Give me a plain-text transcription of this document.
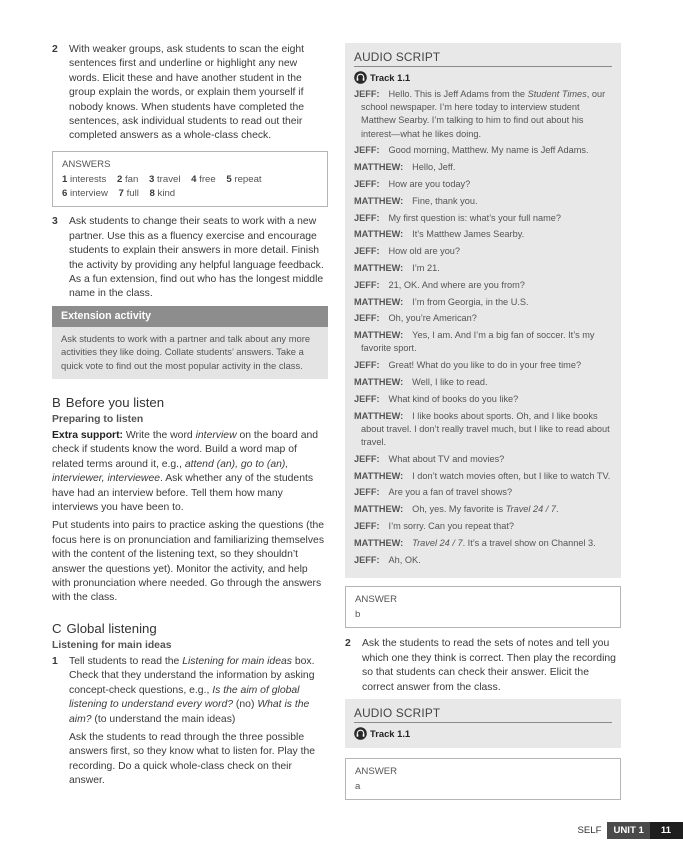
2 With weaker groups, ask students to scan the eight sentences first and underline or highlight any new words. Elicit these and have another student in the group explain the words, or explain them yourself if nobody knows. When students have completed the sentences, ask individual students to read out their completed answers as a whole-class check.

ANSWERS
1 interests 2 fan 3 travel 4 free 5 repeat
6 interview 7 full 8 kind
3 Ask students to change their seats to work with a new partner. Use this as a fluency exercise and encourage students to explain their answers in more detail. Finish the activity by providing any helpful language feedback. As a fun extension, find out who has the longest middle name in the class.

Extension activity
Ask students to work with a partner and talk about any more activities they like doing. Collate students’ answers. Take a quick vote to find out the most popular activity in the class.
B Before you listen
Preparing to listen

Extra support: Write the word interview on the board and check if students know the word. Build a word map of related terms around it, e.g., attend (an), go to (an), interviewer, interviewee. Ask whether any of the students have had an interview before. Tell them how many interviews you have been to.

Put students into pairs to practice asking the questions (the focus here is on pronunciation and familiarizing themselves with the content of the listening text, so they shouldn’t answer the questions yet). Monitor the activity, and help with pronunciation where needed. Go through the answers with the class.

C Global listening
Listening for main ideas
1 Tell students to read the Listening for main ideas box. Check that they understand the information by asking concept-check questions, e.g., Is the aim of global listening to understand every word? (no) What is the aim? (to understand the main ideas)

Ask the students to read through the three possible answers first, so they know what to listen for. Play the recording. Do a quick whole-class check on their answer.

AUDIO SCRIPT
Track 1.1
JEFF: Hello. This is Jeff Adams from the Student Times, our school newspaper. I’m here today to interview student Matthew Searby. I’m talking to him to find out about his interest—what he likes doing.
JEFF: Good morning, Matthew. My name is Jeff Adams.
MATTHEW: Hello, Jeff.
JEFF: How are you today?
MATTHEW: Fine, thank you.
JEFF: My first question is: what’s your full name?
MATTHEW: It’s Matthew James Searby.
JEFF: How old are you?
MATTHEW: I’m 21.
JEFF: 21, OK. And where are you from?
MATTHEW: I’m from Georgia, in the U.S.
JEFF: Oh, you’re American?
MATTHEW: Yes, I am. And I’m a big fan of soccer. It’s my favorite sport.
JEFF: Great! What do you like to do in your free time?
MATTHEW: Well, I like to read.
JEFF: What kind of books do you like?
MATTHEW: I like books about sports. Oh, and I like books about travel. I don’t really travel much, but I like to read about travel.
JEFF: What about TV and movies?
MATTHEW: I don’t watch movies often, but I like to watch TV.
JEFF: Are you a fan of travel shows?
MATTHEW: Oh, yes. My favorite is Travel 24 / 7.
JEFF: I’m sorry. Can you repeat that?
MATTHEW: Travel 24 / 7. It’s a travel show on Channel 3.
JEFF: Ah, OK.
ANSWER
b
2 Ask the students to read the sets of notes and tell you which one they think is correct. Then play the recording so that students can check their answer. Elicit the correct answer from the class.

AUDIO SCRIPT
Track 1.1
ANSWER
a
SELF	UNIT 1	11
